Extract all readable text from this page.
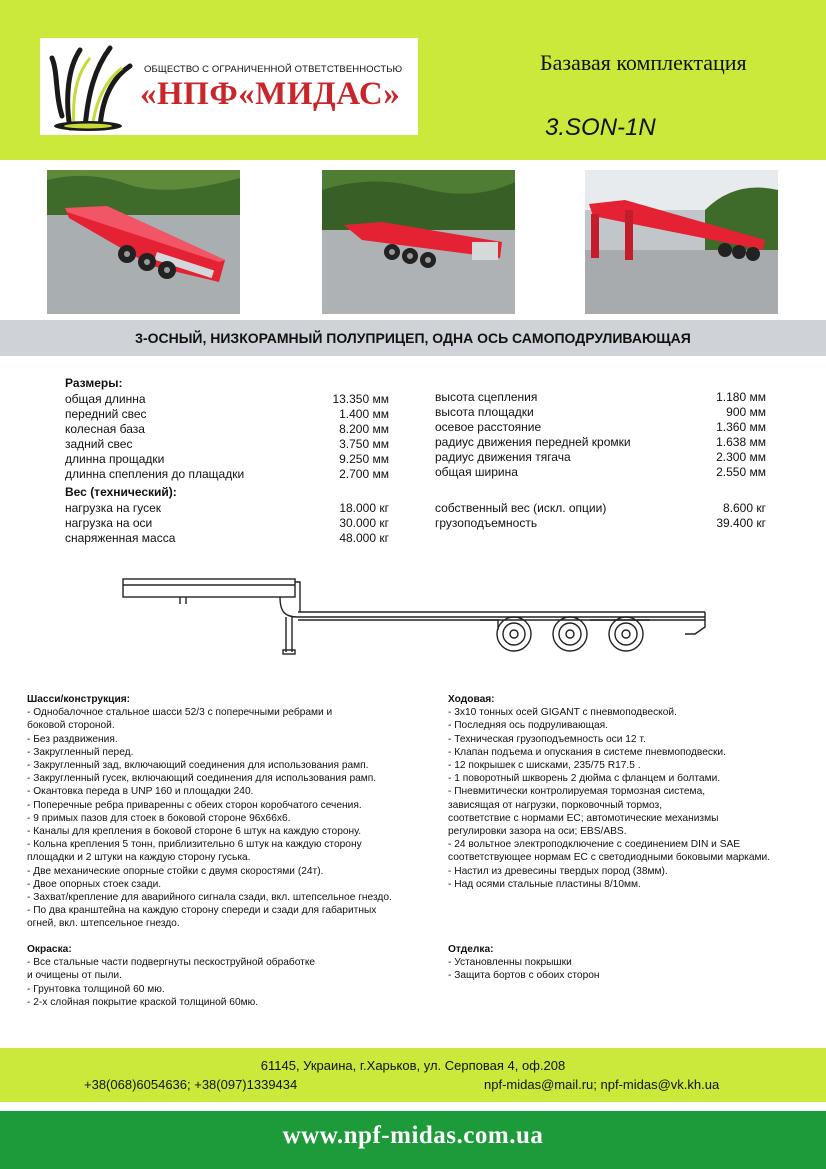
ОБЩЕСТВО С ОГРАНИЧЕННОЙ ОТВЕТСТВЕННОСТЬЮ
«НПФ«МИДАС»
Базавая комплектация
3.SON-1N
3-ОСНЫЙ, НИЗКОРАМНЫЙ ПОЛУПРИЦЕП, ОДНА ОСЬ САМОПОДРУЛИВАЮЩАЯ
Размеры:
Вес (технический):
общая длинна	13.350 мм
передний свес	1.400 мм
колесная база	8.200 мм
задний свес	3.750 мм
длинна прощадки	9.250 мм
длинна спепления до плащадки	2.700 мм
высота сцепления	1.180 мм
высота площадки	900 мм
осевое расстояние	1.360 мм
радиус движения передней кромки	1.638 мм
радиус движения тягача	2.300 мм
общая ширина	2.550 мм
нагрузка на гусек	18.000 кг
нагрузка на оси	30.000 кг
снаряженная масса	48.000 кг
собственный вес (искл. опции)	8.600 кг
грузоподъемность	39.400 кг
Шасси/конструкция:
- Однобалочное стальное шасси 52/3 с поперечными ребрами и
боковой стороной.
- Без раздвижения.
- Закругленный перед.
- Закругленный зад, включающий соединения для использования рамп.
- Закругленный гусек, включающий соединения для использования рамп.
- Окантовка переда в UNP 160 и площадки 240.
- Поперечные ребра приваренны с обеих сторон коробчатого сечения.
- 9 примых пазов для стоек в боковой стороне 96х66х6.
- Каналы для крепления в боковой стороне 6 штук на каждую сторону.
- Кольна крепления 5 тонн, приблизительно 6 штук на каждую сторону
площадки и 2 штуки на каждую сторону гуська.
- Две механические опорные стойки с двумя скоростями (24т).
- Двое опорных стоек сзади.
- Захват/крепление для аварийного сигнала сзади, вкл. штепсельное гнездо.
- По два кранштейна на каждую сторону спереди и сзади для габаритных
огней, вкл. штепсельное гнездо.
Окраска:
- Все стальные части подвергнуты пескоструйной обработке
и очищены от пыли.
- Грунтовка толщиной 60 мю.
- 2-х слойная покрытие краской толщиной 60мю.
Ходовая:
- 3х10 тонных осей GIGANT с пневмоподвеской.
- Последняя ось подруливающая.
- Техническая грузоподъемность оси 12 т.
- Клапан подъема и опускания в системе пневмоподвески.
- 12 покрышек с шисками, 235/75 R17.5 .
- 1 поворотный шкворень 2 дюйма с фланцем и болтами.
- Пневмитически контролируемая тормозная система,
зависящая от нагрузки, порковочный тормоз,
соответствие с нормами ЕС; автомотические механизмы
регулировки зазора на оси; EBS/ABS.
- 24 вольтное электроподключение с соединением DIN и SAE
соответствующее нормам ЕС с светодиодными боковыми марками.
- Настил из древесины твердых пород (38мм).
- Над осями стальные пластины 8/10мм.
Отделка:
- Установленны покрышки
- Защита бортов с обоих сторон
61145, Украина, г.Харьков, ул. Серповая 4, оф.208
+38(068)6054636; +38(097)1339434	npf-midas@mail.ru; npf-midas@vk.kh.ua
www.npf-midas.com.ua
